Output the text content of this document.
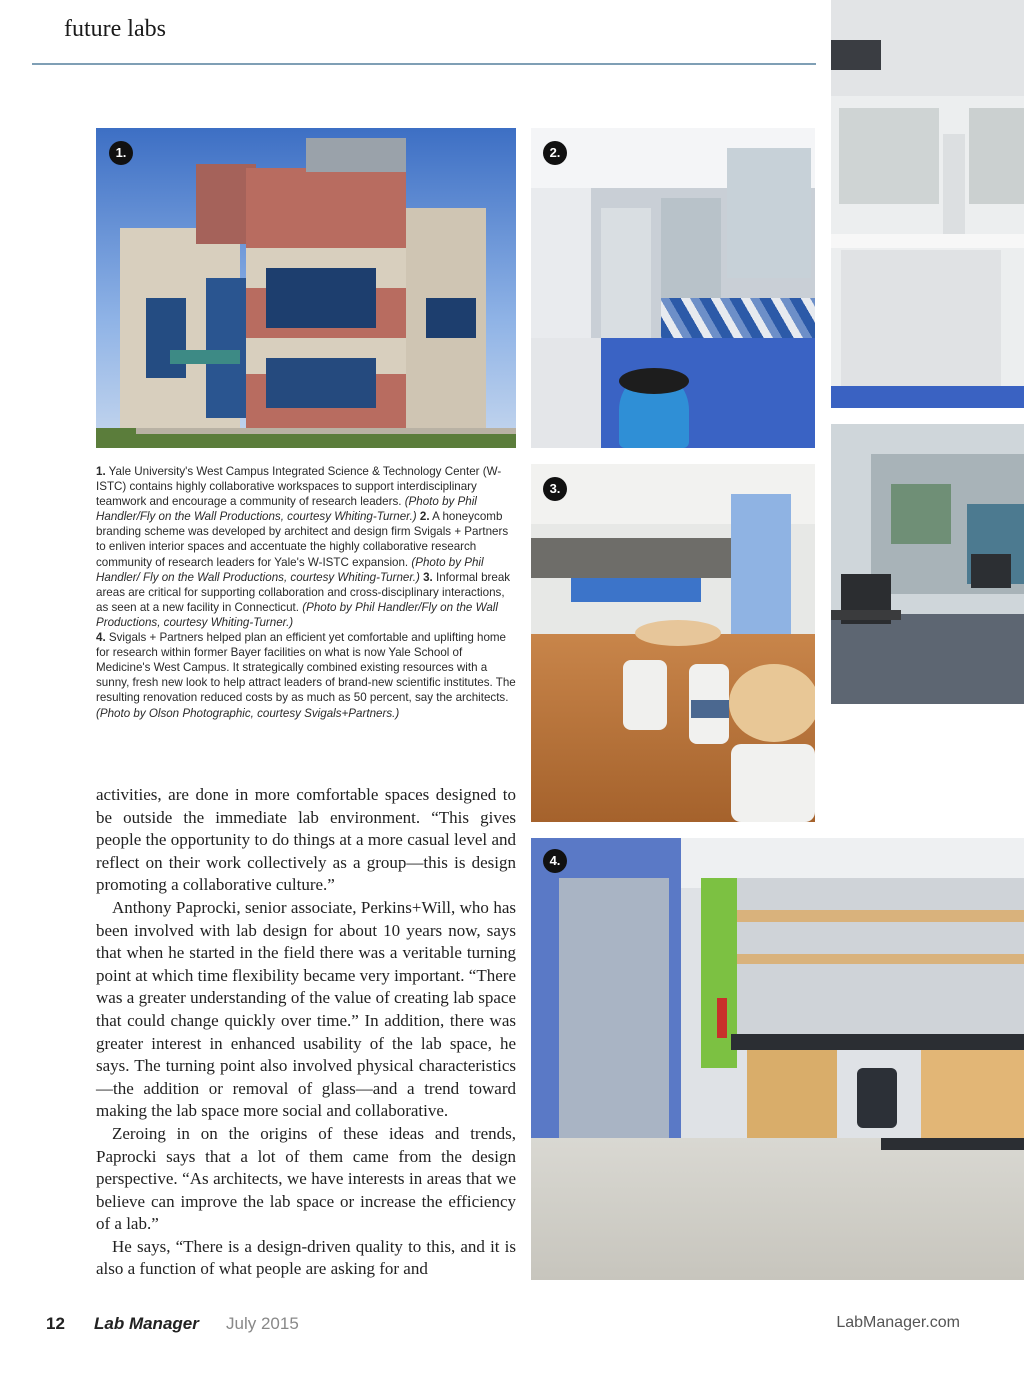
future labs
1.	2.
3.
4.
1. Yale University's West Campus Integrated Science & Technology Center (W-ISTC) contains highly collaborative workspaces to support interdisciplinary teamwork and encourage a community of research leaders. (Photo by Phil Handler/Fly on the Wall Productions, courtesy Whiting-Turner.) 2. A honeycomb branding scheme was developed by architect and design firm Svigals + Partners to enliven interior spaces and accentuate the highly collaborative research community of research leaders for Yale's W-ISTC expansion. (Photo by Phil Handler/ Fly on the Wall Productions, courtesy Whiting-Turner.) 3. Informal break areas are critical for supporting collaboration and cross-disciplinary interactions, as seen at a new facility in Connecticut. (Photo by Phil Handler/Fly on the Wall Productions, courtesy Whiting-Turner.)
4. Svigals + Partners helped plan an efficient yet comfortable and uplifting home for research within former Bayer facilities on what is now Yale School of Medicine's West Campus. It strategically combined existing resources with a sunny, fresh new look to help attract leaders of brand-new scientific institutes. The resulting renovation reduced costs by as much as 50 percent, say the architects. (Photo by Olson Photographic, courtesy Svigals+Partners.)

activities, are done in more comfortable spaces designed to be outside the immediate lab environment. “This gives people the opportunity to do things at a more casual level and reflect on their work collectively as a group—this is design promoting a collaborative culture.”

Anthony Paprocki, senior associate, Perkins+Will, who has been involved with lab design for about 10 years now, says that when he started in the field there was a veritable turning point at which time flexibility became very important. “There was a greater understanding of the value of creating lab space that could change quickly over time.” In addition, there was greater interest in enhanced usability of the lab space, he says. The turning point also involved physical characteristics—the addition or removal of glass—and a trend toward making the lab space more social and collaborative.

Zeroing in on the origins of these ideas and trends, Paprocki says that a lot of them came from the design perspective. “As architects, we have interests in areas that we believe can improve the lab space or increase the efficiency of a lab.”

He says, “There is a design-driven quality to this, and it is also a function of what people are asking for and

12 Lab Manager July 2015	LabManager.com
